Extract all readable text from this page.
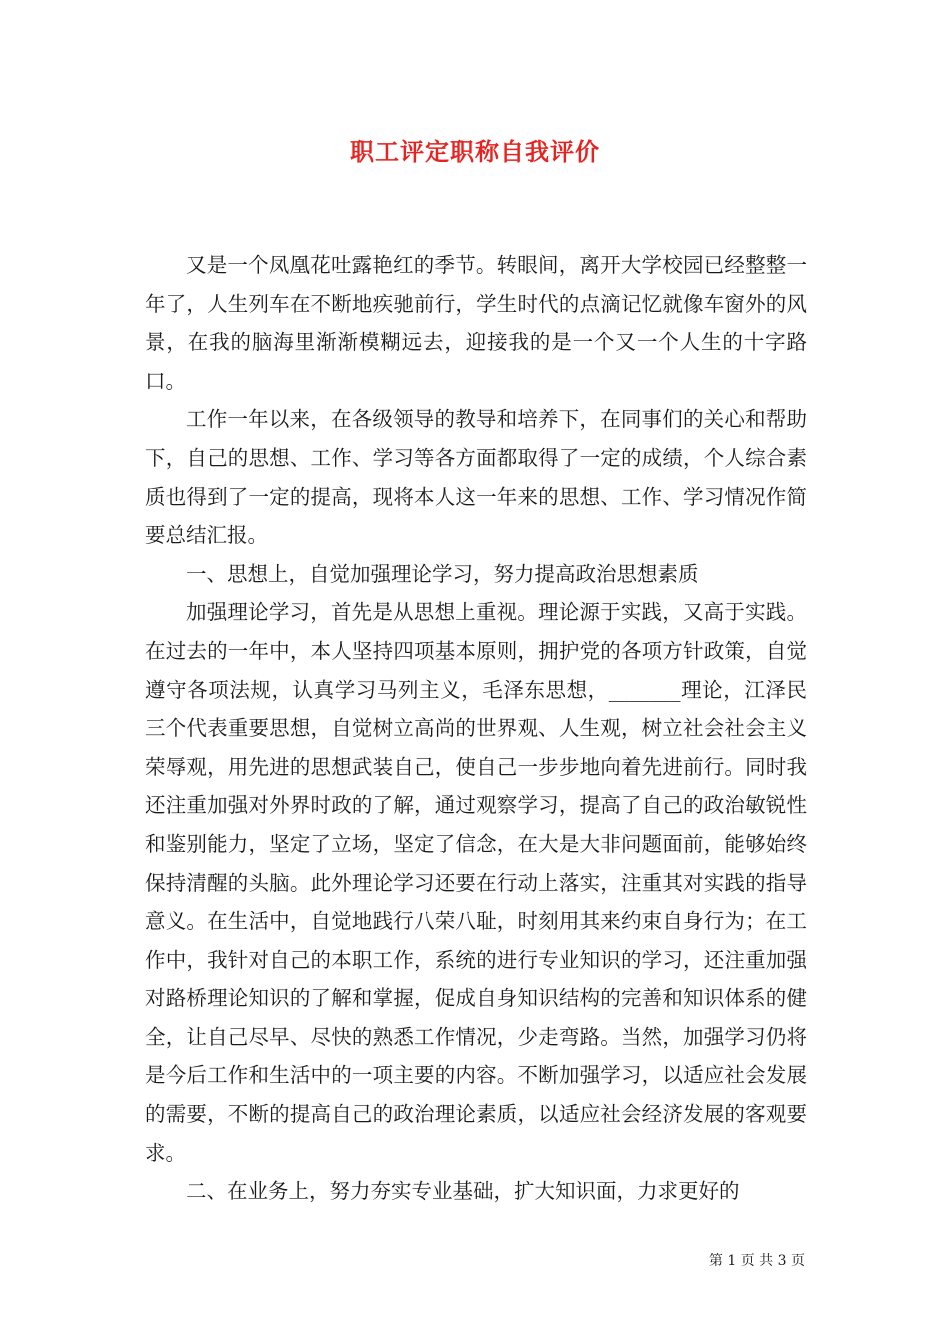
职工评定职称自我评价

又是一个凤凰花吐露艳红的季节。转眼间，离开大学校园已经整整一年了，人生列车在不断地疾驰前行，学生时代的点滴记忆就像车窗外的风景，在我的脑海里渐渐模糊远去，迎接我的是一个又一个人生的十字路口。

工作一年以来，在各级领导的教导和培养下，在同事们的关心和帮助下，自己的思想、工作、学习等各方面都取得了一定的成绩，个人综合素质也得到了一定的提高，现将本人这一年来的思想、工作、学习情况作简要总结汇报。

一、思想上，自觉加强理论学习，努力提高政治思想素质

加强理论学习，首先是从思想上重视。理论源于实践，又高于实践。在过去的一年中，本人坚持四项基本原则，拥护党的各项方针政策，自觉遵守各项法规，认真学习马列主义，毛泽东思想，_______理论，江泽民三个代表重要思想，自觉树立高尚的世界观、人生观，树立社会社会主义荣辱观，用先进的思想武装自己，使自己一步步地向着先进前行。同时我还注重加强对外界时政的了解，通过观察学习，提高了自己的政治敏锐性和鉴别能力，坚定了立场，坚定了信念，在大是大非问题面前，能够始终保持清醒的头脑。此外理论学习还要在行动上落实，注重其对实践的指导意义。在生活中，自觉地践行八荣八耻，时刻用其来约束自身行为；在工作中，我针对自己的本职工作，系统的进行专业知识的学习，还注重加强对路桥理论知识的了解和掌握，促成自身知识结构的完善和知识体系的健全，让自己尽早、尽快的熟悉工作情况，少走弯路。当然，加强学习仍将是今后工作和生活中的一项主要的内容。不断加强学习，以适应社会发展的需要，不断的提高自己的政治理论素质，以适应社会经济发展的客观要求。

二、在业务上，努力夯实专业基础，扩大知识面，力求更好的

第 1 页 共 3 页
